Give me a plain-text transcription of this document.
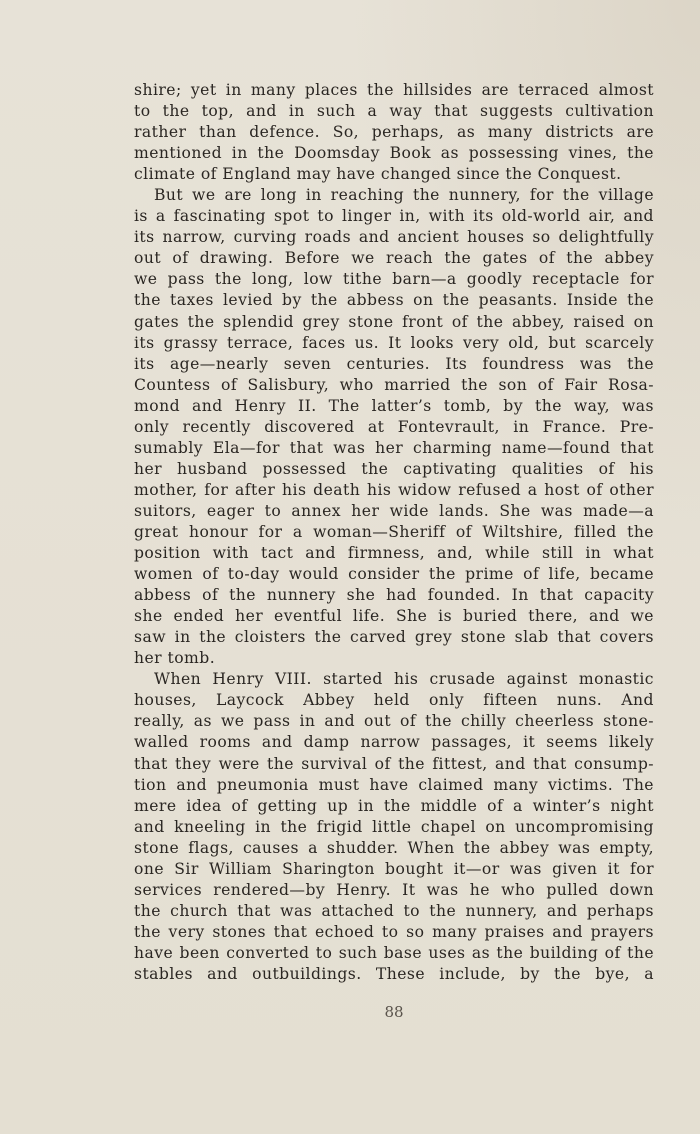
shire; yet in many places the hillsides are terraced almost
to the top, and in such a way that suggests cultivation
rather than defence. So, perhaps, as many districts are
mentioned in the Doomsday Book as possessing vines, the
climate of England may have changed since the Conquest.
But we are long in reaching the nunnery, for the village
is a fascinating spot to linger in, with its old-world air, and
its narrow, curving roads and ancient houses so delightfully
out of drawing. Before we reach the gates of the abbey
we pass the long, low tithe barn—a goodly receptacle for
the taxes levied by the abbess on the peasants. Inside the
gates the splendid grey stone front of the abbey, raised on
its grassy terrace, faces us. It looks very old, but scarcely
its age—nearly seven centuries. Its foundress was the
Countess of Salisbury, who married the son of Fair Rosa-
mond and Henry II. The latter’s tomb, by the way, was
only recently discovered at Fontevrault, in France. Pre-
sumably Ela—for that was her charming name—found that
her husband possessed the captivating qualities of his
mother, for after his death his widow refused a host of other
suitors, eager to annex her wide lands. She was made—a
great honour for a woman—Sheriff of Wiltshire, filled the
position with tact and firmness, and, while still in what
women of to-day would consider the prime of life, became
abbess of the nunnery she had founded. In that capacity
she ended her eventful life. She is buried there, and we
saw in the cloisters the carved grey stone slab that covers
her tomb.
When Henry VIII. started his crusade against monastic
houses, Laycock Abbey held only fifteen nuns. And
really, as we pass in and out of the chilly cheerless stone-
walled rooms and damp narrow passages, it seems likely
that they were the survival of the fittest, and that consump-
tion and pneumonia must have claimed many victims. The
mere idea of getting up in the middle of a winter’s night
and kneeling in the frigid little chapel on uncompromising
stone flags, causes a shudder. When the abbey was empty,
one Sir William Sharington bought it—or was given it for
services rendered—by Henry. It was he who pulled down
the church that was attached to the nunnery, and perhaps
the very stones that echoed to so many praises and prayers
have been converted to such base uses as the building of the
stables and outbuildings. These include, by the bye, a
88
